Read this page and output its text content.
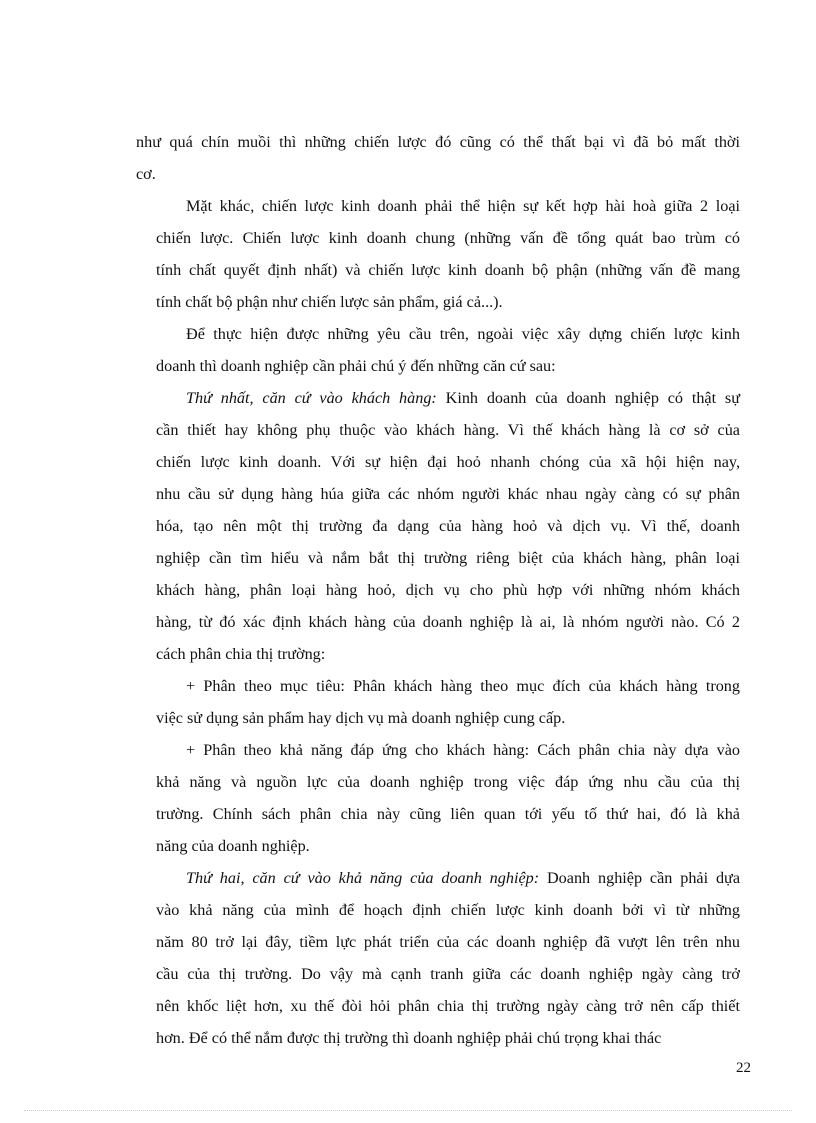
như quá chín muồi thì những chiến lược đó cũng có thể thất bại vì đã bỏ mất thời
cơ.
Mặt khác, chiến lược kinh doanh phải thể hiện sự kết hợp hài hoà giữa 2 loại
chiến lược. Chiến lược kinh doanh chung (những vấn đề tổng quát bao trùm có
tính chất quyết định nhất) và chiến lược kinh doanh bộ phận (những vấn đề mang
tính chất bộ phận như chiến lược sản phẩm, giá cả...).
Để thực hiện được những yêu cầu trên, ngoài việc xây dựng chiến lược kinh
doanh thì doanh nghiệp cần phải chú ý đến những căn cứ sau:
Thứ nhất, căn cứ vào khách hàng: Kinh doanh của doanh nghiệp có thật sự
cần thiết hay không phụ thuộc vào khách hàng. Vì thế khách hàng là cơ sở của
chiến lược kinh doanh. Với sự hiện đại hoỏ nhanh chóng của xã hội hiện nay,
nhu cầu sử dụng hàng húa giữa các nhóm người khác nhau ngày càng có sự phân
hóa, tạo nên một thị trường đa dạng của hàng hoỏ và dịch vụ. Vì thế, doanh
nghiệp cần tìm hiểu và nắm bắt thị trường riêng biệt của khách hàng, phân loại
khách hàng, phân loại hàng hoỏ, dịch vụ cho phù hợp với những nhóm khách
hàng, từ đó xác định khách hàng của doanh nghiệp là ai, là nhóm người nào. Có 2
cách phân chia thị trường:
+ Phân theo mục tiêu: Phân khách hàng theo mục đích của khách hàng trong
việc sử dụng sản phẩm hay dịch vụ mà doanh nghiệp cung cấp.
+ Phân theo khả năng đáp ứng cho khách hàng: Cách phân chia này dựa vào
khả năng và nguồn lực của doanh nghiệp trong việc đáp ứng nhu cầu của thị
trường. Chính sách phân chia này cũng liên quan tới yếu tố thứ hai, đó là khả
năng của doanh nghiệp.
Thứ hai, căn cứ vào khả năng của doanh nghiệp: Doanh nghiệp cần phải dựa
vào khả năng của mình để hoạch định chiến lược kinh doanh bởi vì từ những
năm 80 trở lại đây, tiềm lực phát triển của các doanh nghiệp đã vượt lên trên nhu
cầu của thị trường. Do vậy mà cạnh tranh giữa các doanh nghiệp ngày càng trở
nên khốc liệt hơn, xu thế đòi hỏi phân chia thị trường ngày càng trở nên cấp thiết
hơn. Để có thể nắm được thị trường thì doanh nghiệp phải chú trọng khai thác
22
